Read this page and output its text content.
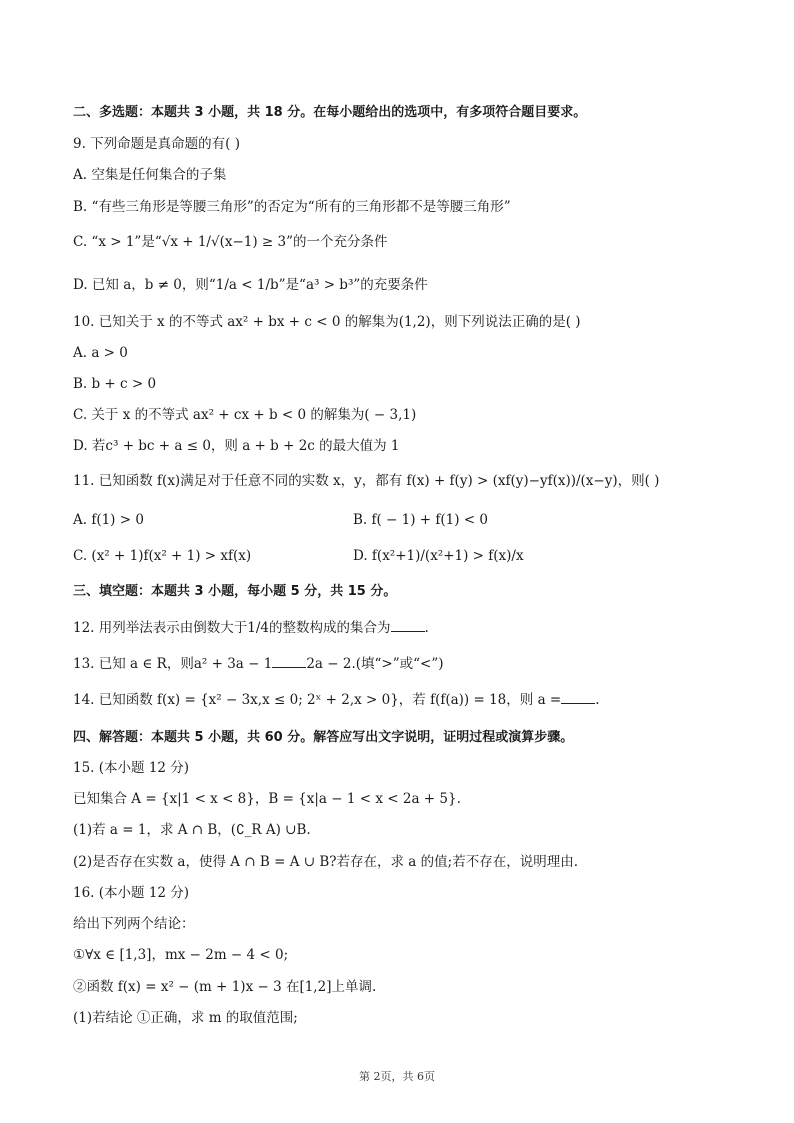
二、多选题：本题共 3 小题，共 18 分。在每小题给出的选项中，有多项符合题目要求。
9. 下列命题是真命题的有( )
A. 空集是任何集合的子集
B. “有些三角形是等腰三角形”的否定为“所有的三角形都不是等腰三角形”
C. “x > 1”是“√x + 1/√(x−1) ≥ 3”的一个充分条件
D. 已知 a，b ≠ 0，则“1/a < 1/b”是“a³ > b³”的充要条件
10. 已知关于 x 的不等式 ax² + bx + c < 0 的解集为(1,2)，则下列说法正确的是( )
A. a > 0
B. b + c > 0
C. 关于 x 的不等式 ax² + cx + b < 0 的解集为( − 3,1)
D. 若c³ + bc + a ≤ 0，则 a + b + 2c 的最大值为 1
11. 已知函数 f(x)满足对于任意不同的实数 x，y，都有 f(x) + f(y) > (xf(y)−yf(x))/(x−y)，则( )
A. f(1) > 0	B. f( − 1) + f(1) < 0
C. (x² + 1)f(x² + 1) > xf(x)	D. f(x²+1)/(x²+1) > f(x)/x
三、填空题：本题共 3 小题，每小题 5 分，共 15 分。
12. 用列举法表示由倒数大于1/4的整数构成的集合为	.
13. 已知 a ∈ R，则a² + 3a − 1	2a − 2.(填“>”或“<”)
14. 已知函数 f(x) = {x² − 3x,x ≤ 0; 2ˣ + 2,x > 0}，若 f(f(a)) = 18，则 a =	.
四、解答题：本题共 5 小题，共 60 分。解答应写出文字说明，证明过程或演算步骤。
15. (本小题 12 分)
已知集合 A = {x|1 < x < 8}，B = {x|a − 1 < x < 2a + 5}.
(1)若 a = 1，求 A ∩ B，(∁_R A) ∪B.
(2)是否存在实数 a，使得 A ∩ B = A ∪ B?若存在，求 a 的值;若不存在，说明理由.
16. (本小题 12 分)
给出下列两个结论：
①∀x ∈ [1,3]，mx − 2m − 4 < 0;
②函数 f(x) = x² − (m + 1)x − 3 在[1,2]上单调.
(1)若结论 ①正确，求 m 的取值范围;
第 2页，共 6页
